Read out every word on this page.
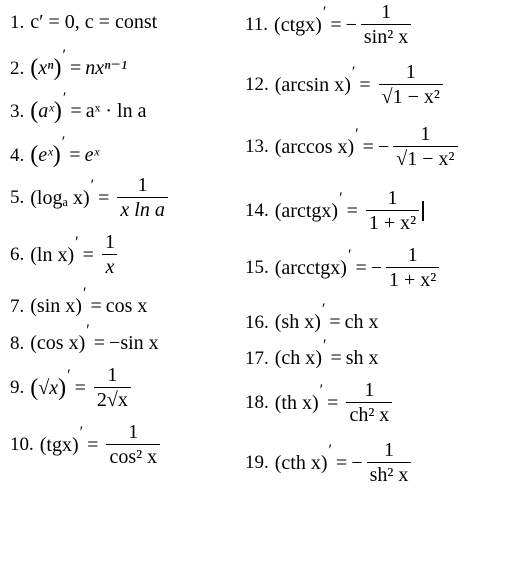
1. c′ = 0, c = const
2. ( xⁿ ) ′
= nxⁿ⁻¹
3. ( aˣ ) ′
= aˣ · ln a
4. ( eˣ ) ′
= eˣ
5. ( logₐ x )
′
= $\frac{1}{\text{x ln a}}$
6. ( ln x )
′
= $\frac{1}{x}$
7. ( sin x )
′
= cos x
8. ( cos x )
′
= −sin x
9. ( √x ) ′
= $\frac{1}{2√x}$
10. ( tgx )
′
= $\frac{1}{\text{cos² x}}$
11. ( ctgx )
′
= − $\frac{1}{\text{sin² x}}$
12. ( arcsin x )
′
= $\frac{1}{\text{√1 − x²}}$
13. ( arccos x )
′
= − $\frac{1}{\text{√1 − x²}}$
14. ( arctgx )
′
= $\frac{1}{\text{1 + x²}}$
15. ( arcctgx )
′
= − $\frac{1}{\text{1 + x²}}$
16. ( sh x )
′
= ch x
17. ( ch x )
′
= sh x
18. ( th x )
′
= $\frac{1}{\text{ch² x}}$
19. ( cth x )
′
= − $\frac{1}{\text{sh² x}}$
